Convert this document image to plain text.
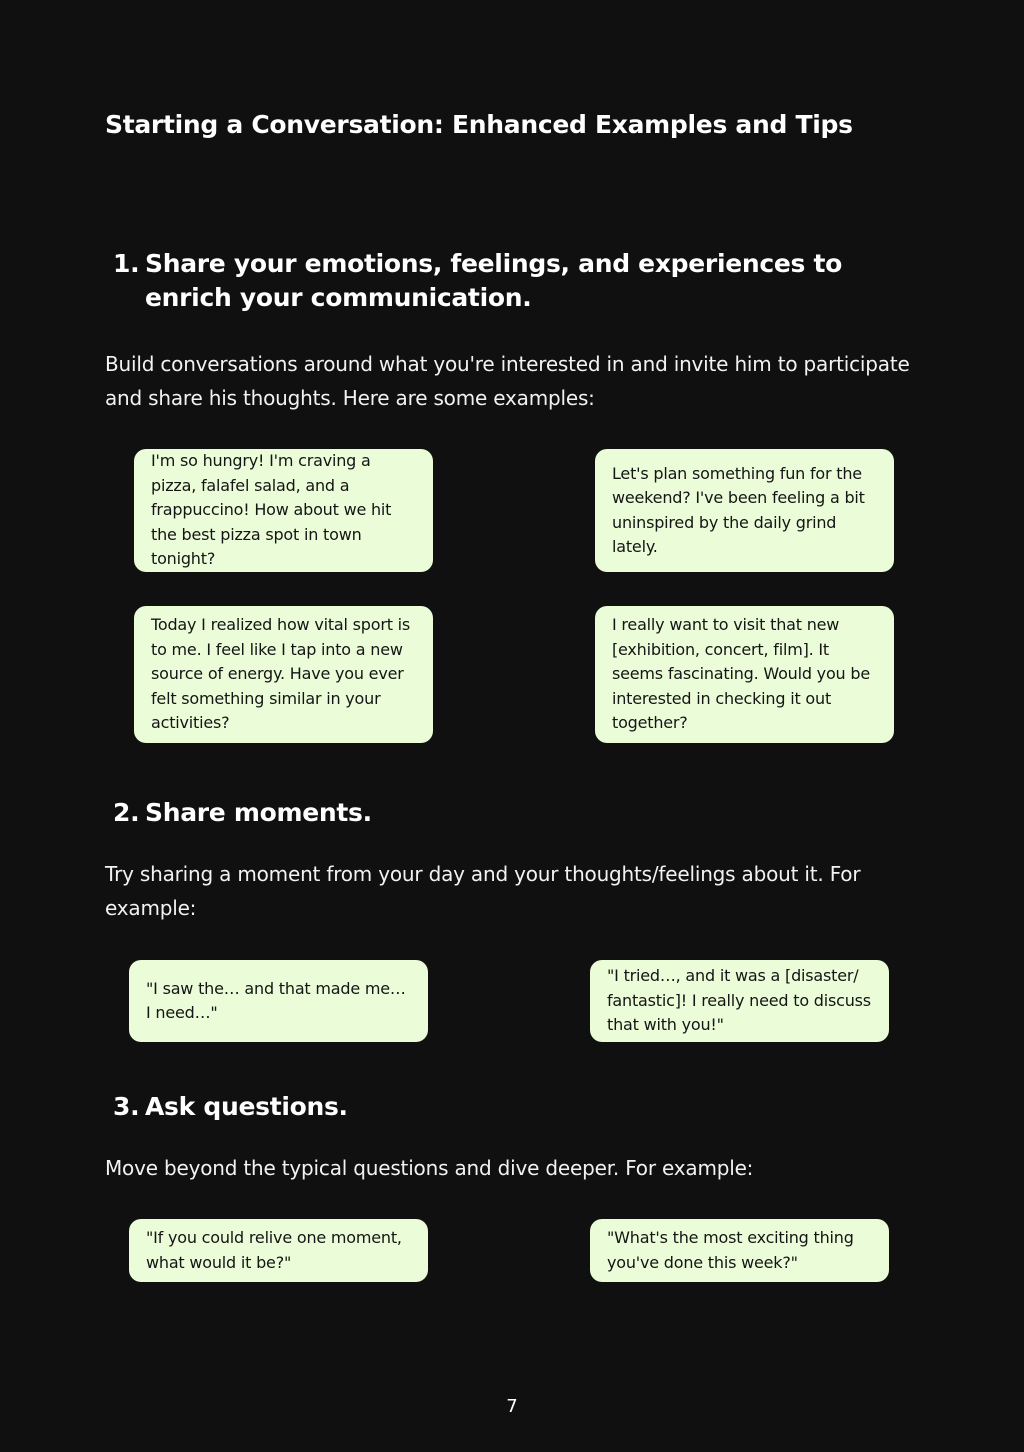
Starting a Conversation: Enhanced Examples and Tips
1. Share your emotions, feelings, and experiences to enrich your communication.
Build conversations around what you're interested in and invite him to participate and share his thoughts. Here are some examples:
I'm so hungry! I'm craving a pizza, falafel salad, and a frappuccino! How about we hit the best pizza spot in town tonight?
Let's plan something fun for the weekend? I've been feeling a bit uninspired by the daily grind lately.
Today I realized how vital sport is to me. I feel like I tap into a new source of energy. Have you ever felt something similar in your activities?
I really want to visit that new [exhibition, concert, film]. It seems fascinating. Would you be interested in checking it out together?
2. Share moments.
Try sharing a moment from your day and your thoughts/feelings about it. For example:
"I saw the… and that made me… I need…"
"I tried…, and it was a [disaster/ fantastic]! I really need to discuss that with you!"
3. Ask questions.
Move beyond the typical questions and dive deeper. For example:
"If you could relive one moment, what would it be?"
"What's the most exciting thing you've done this week?"
7
